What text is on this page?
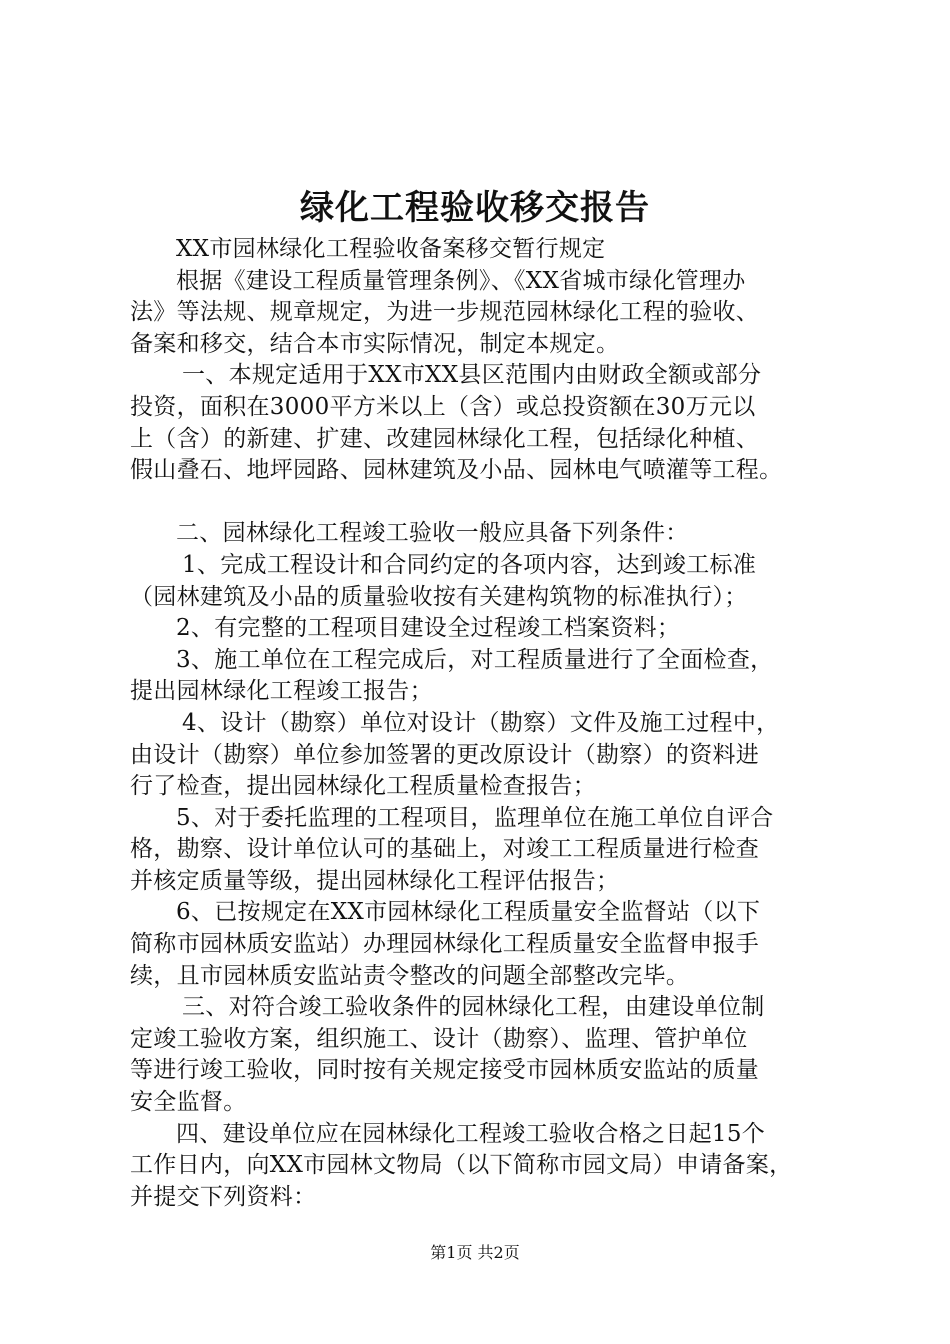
绿化工程验收移交报告
XX市园林绿化工程验收备案移交暂行规定
根据《建设工程质量管理条例》、《XX省城市绿化管理办
法》等法规、规章规定，为进一步规范园林绿化工程的验收、
备案和移交，结合本市实际情况，制定本规定。
一、本规定适用于XX市XX县区范围内由财政全额或部分
投资，面积在3000平方米以上（含）或总投资额在30万元以
上（含）的新建、扩建、改建园林绿化工程，包括绿化种植、
假山叠石、地坪园路、园林建筑及小品、园林电气喷灌等工程。
二、园林绿化工程竣工验收一般应具备下列条件：
1、完成工程设计和合同约定的各项内容，达到竣工标准
（园林建筑及小品的质量验收按有关建构筑物的标准执行）；
2、有完整的工程项目建设全过程竣工档案资料；
3、施工单位在工程完成后，对工程质量进行了全面检查，
提出园林绿化工程竣工报告；
4、设计（勘察）单位对设计（勘察）文件及施工过程中，
由设计（勘察）单位参加签署的更改原设计（勘察）的资料进
行了检查，提出园林绿化工程质量检查报告；
5、对于委托监理的工程项目，监理单位在施工单位自评合
格，勘察、设计单位认可的基础上，对竣工工程质量进行检查
并核定质量等级，提出园林绿化工程评估报告；
6、已按规定在XX市园林绿化工程质量安全监督站（以下
简称市园林质安监站）办理园林绿化工程质量安全监督申报手
续，且市园林质安监站责令整改的问题全部整改完毕。
三、对符合竣工验收条件的园林绿化工程，由建设单位制
定竣工验收方案，组织施工、设计（勘察）、监理、管护单位
等进行竣工验收，同时按有关规定接受市园林质安监站的质量
安全监督。
四、建设单位应在园林绿化工程竣工验收合格之日起15个
工作日内，向XX市园林文物局（以下简称市园文局）申请备案，
并提交下列资料：
第1页 共2页
